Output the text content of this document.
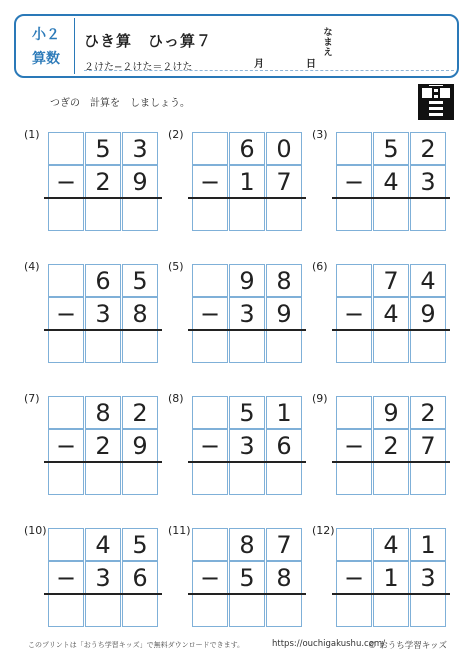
小２
算数
ひき算　ひっ算７
２けた−２けた＝２けた
なまえ
月	日
つぎの　計算を　しましょう。
(1)
5 3
− 2 9
(2)
6 0
− 1 7
(3)
5 2
− 4 3
(4)
6 5
− 3 8
(5)
9 8
− 3 9
(6)
7 4
− 4 9
(7)
8 2
− 2 9
(8)
5 1
− 3 6
(9)
9 2
− 2 7
(10)
4 5
− 3 6
(11)
8 7
− 5 8
(12)
4 1
− 1 3
このプリントは「おうち学習キッズ」で無料ダウンロードできます。	https://ouchigakushu.com/
© おうち学習キッズ
